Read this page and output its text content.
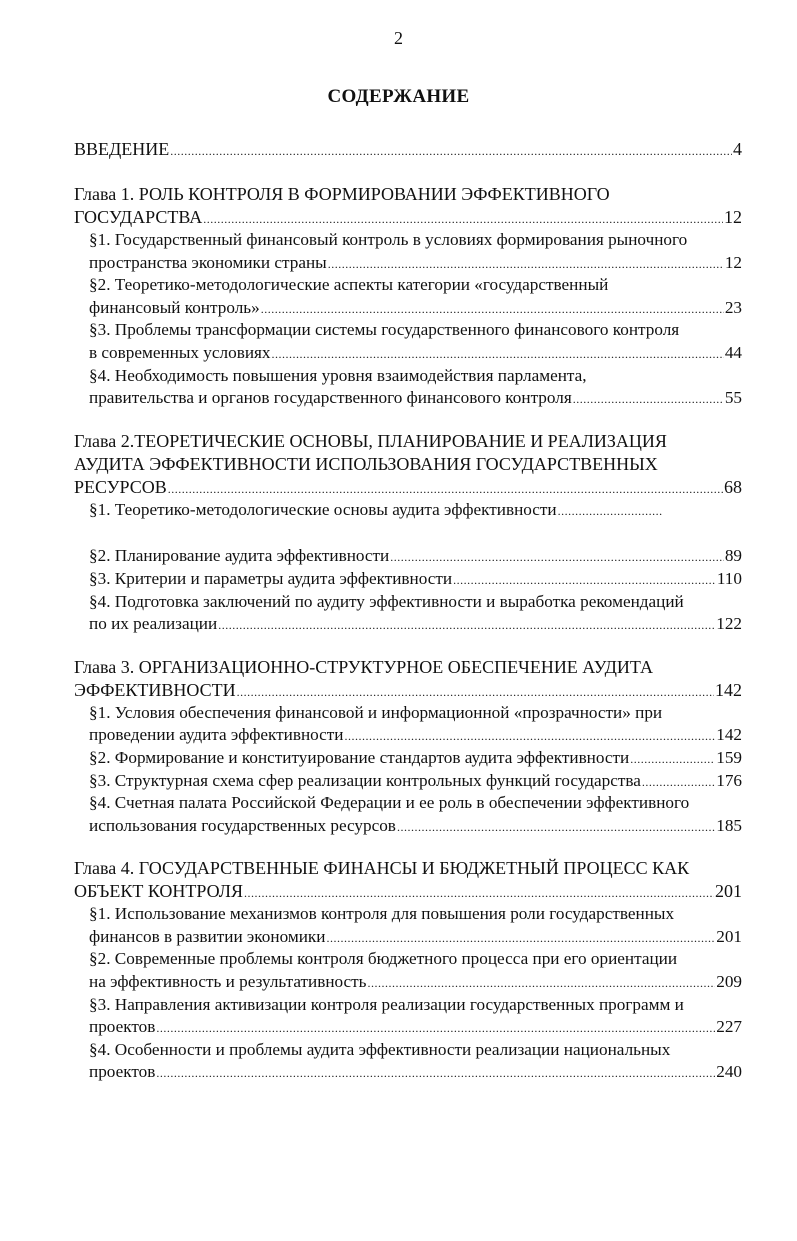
2
СОДЕРЖАНИЕ
ВВЕДЕНИЕ .....	4
Глава 1. РОЛЬ КОНТРОЛЯ В ФОРМИРОВАНИИ ЭФФЕКТИВНОГО
ГОСУДАРСТВА .....	12
§1. Государственный финансовый контроль в условиях формирования рыночного
пространства экономики страны .....	12
§2. Теоретико-методологические аспекты категории «государственный
финансовый контроль» .....	23
§3. Проблемы трансформации системы государственного финансового контроля
в современных условиях .....	44
§4. Необходимость повышения уровня взаимодействия парламента,
правительства и органов государственного финансового контроля .....	55
Глава 2.ТЕОРЕТИЧЕСКИЕ ОСНОВЫ, ПЛАНИРОВАНИЕ И РЕАЛИЗАЦИЯ
АУДИТА ЭФФЕКТИВНОСТИ ИСПОЛЬЗОВАНИЯ ГОСУДАРСТВЕННЫХ
РЕСУРСОВ .....	68
§1. Теоретико-методологические основы аудита эффективности
.....
§2. Планирование аудита эффективности .....	89
§3. Критерии и параметры аудита эффективности .....	110
§4. Подготовка заключений по аудиту эффективности и выработка рекомендаций
по их реализации .....	122
Глава 3. ОРГАНИЗАЦИОННО-СТРУКТУРНОЕ ОБЕСПЕЧЕНИЕ АУДИТА
ЭФФЕКТИВНОСТИ .....	142
§1. Условия обеспечения финансовой и информационной «прозрачности» при
проведении аудита эффективности .....	142
§2. Формирование и конституирование стандартов аудита эффективности .....	159
§3. Структурная схема сфер реализации контрольных функций государства .....	176
§4. Счетная палата Российской Федерации и ее роль в обеспечении эффективного
использования государственных ресурсов .....	185
Глава 4. ГОСУДАРСТВЕННЫЕ ФИНАНСЫ И БЮДЖЕТНЫЙ ПРОЦЕСС КАК
ОБЪЕКТ КОНТРОЛЯ .....	201
§1. Использование механизмов контроля для повышения роли государственных
финансов в развитии экономики .....	201
§2. Современные проблемы контроля бюджетного процесса при его ориентации
на эффективность и результативность .....	209
§3. Направления активизации контроля реализации государственных программ и
проектов .....	227
§4. Особенности и проблемы аудита эффективности реализации национальных
проектов .....	240
